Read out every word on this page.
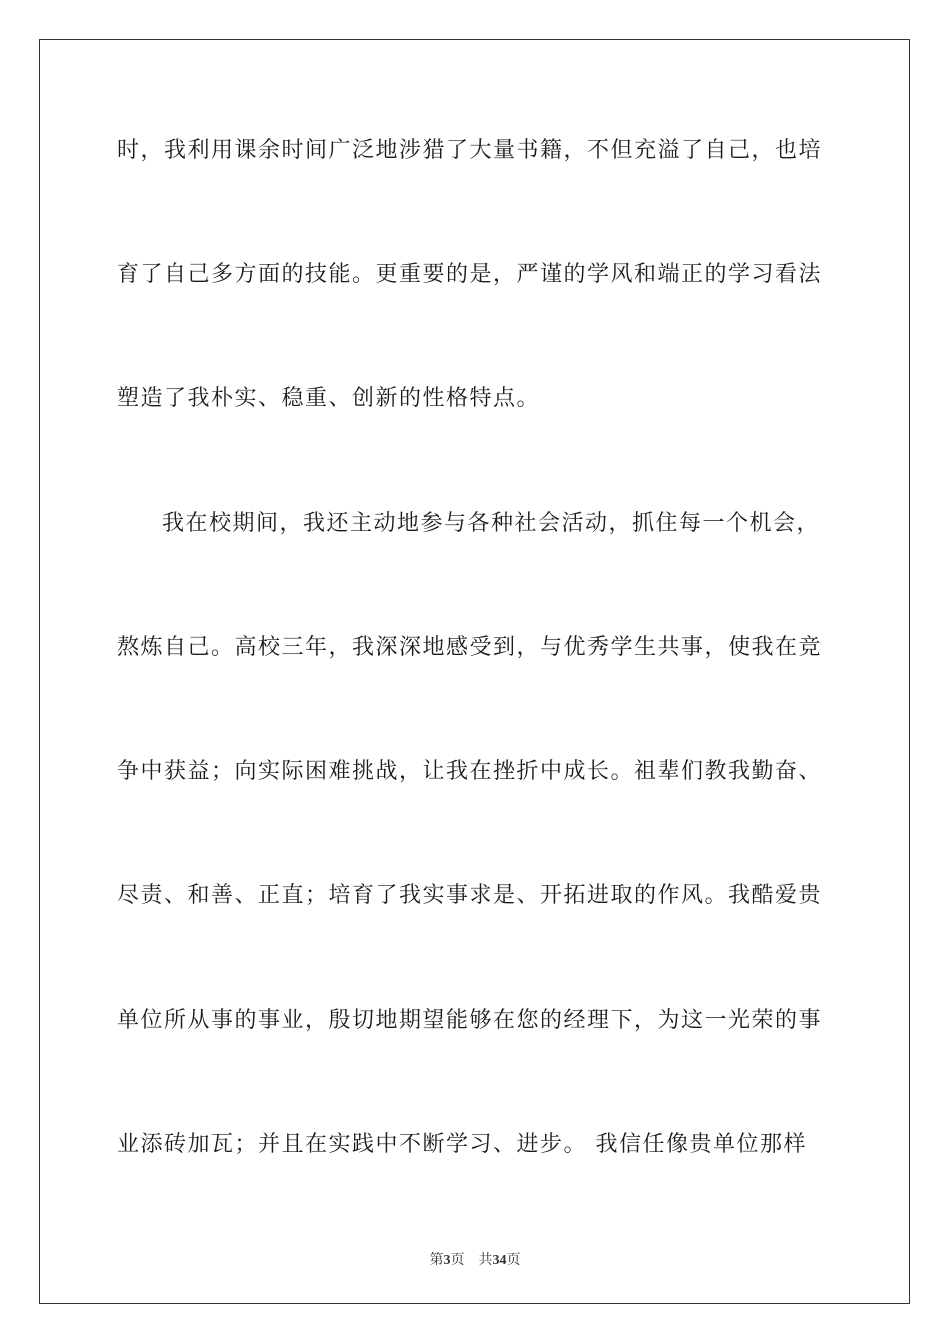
时，我利用课余时间广泛地涉猎了大量书籍，不但充溢了自己，也培
育了自己多方面的技能。更重要的是，严谨的学风和端正的学习看法
塑造了我朴实、稳重、创新的性格特点。
我在校期间，我还主动地参与各种社会活动，抓住每一个机会，
熬炼自己。高校三年，我深深地感受到，与优秀学生共事，使我在竞
争中获益；向实际困难挑战，让我在挫折中成长。祖辈们教我勤奋、
尽责、和善、正直；培育了我实事求是、开拓进取的作风。我酷爱贵
单位所从事的事业，殷切地期望能够在您的经理下，为这一光荣的事
业添砖加瓦；并且在实践中不断学习、进步。 我信任像贵单位那样
第3页 共34页
